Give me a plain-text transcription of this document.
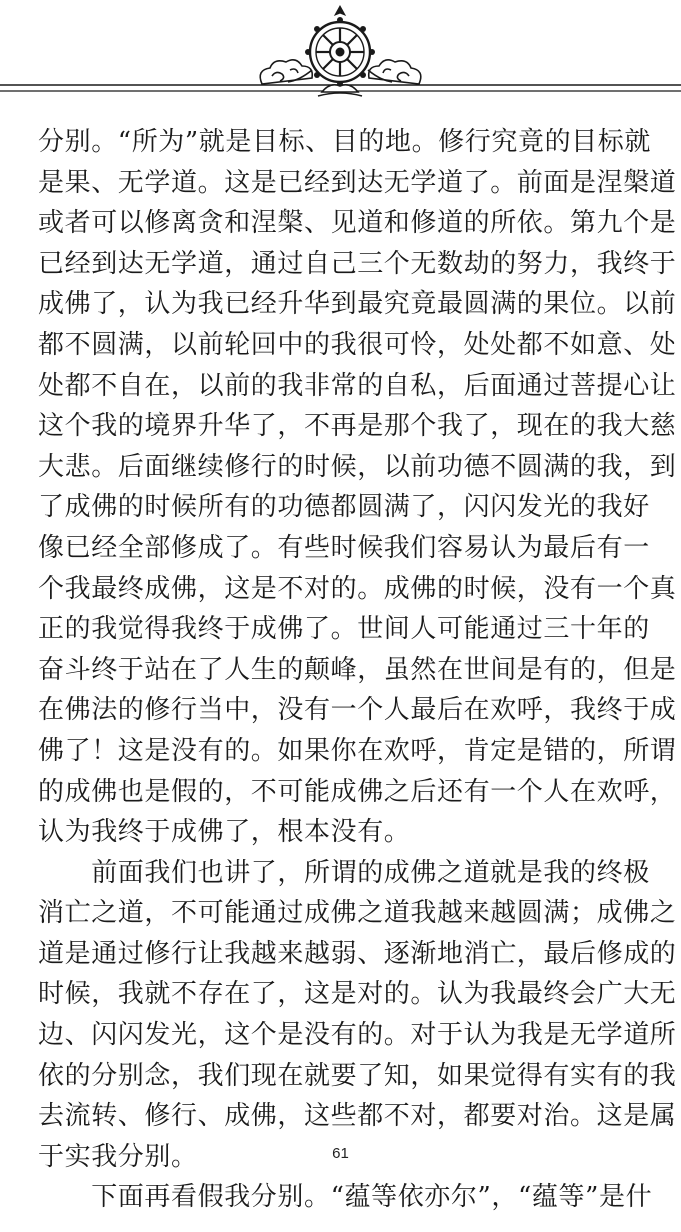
分别。“所为”就是目标、目的地。修行究竟的目标就
是果、无学道。这是已经到达无学道了。前面是涅槃道
或者可以修离贪和涅槃、见道和修道的所依。第九个是
已经到达无学道，通过自己三个无数劫的努力，我终于
成佛了，认为我已经升华到最究竟最圆满的果位。以前
都不圆满，以前轮回中的我很可怜，处处都不如意、处
处都不自在，以前的我非常的自私，后面通过菩提心让
这个我的境界升华了，不再是那个我了，现在的我大慈
大悲。后面继续修行的时候，以前功德不圆满的我，到
了成佛的时候所有的功德都圆满了，闪闪发光的我好
像已经全部修成了。有些时候我们容易认为最后有一
个我最终成佛，这是不对的。成佛的时候，没有一个真
正的我觉得我终于成佛了。世间人可能通过三十年的
奋斗终于站在了人生的颠峰，虽然在世间是有的，但是
在佛法的修行当中，没有一个人最后在欢呼，我终于成
佛了！这是没有的。如果你在欢呼，肯定是错的，所谓
的成佛也是假的，不可能成佛之后还有一个人在欢呼，
认为我终于成佛了，根本没有。
　　前面我们也讲了，所谓的成佛之道就是我的终极
消亡之道，不可能通过成佛之道我越来越圆满；成佛之
道是通过修行让我越来越弱、逐渐地消亡，最后修成的
时候，我就不存在了，这是对的。认为我最终会广大无
边、闪闪发光，这个是没有的。对于认为我是无学道所
依的分别念，我们现在就要了知，如果觉得有实有的我
去流转、修行、成佛，这些都不对，都要对治。这是属
于实我分别。
　　下面再看假我分别。“蕴等依亦尔”，“蕴等”是什
61
